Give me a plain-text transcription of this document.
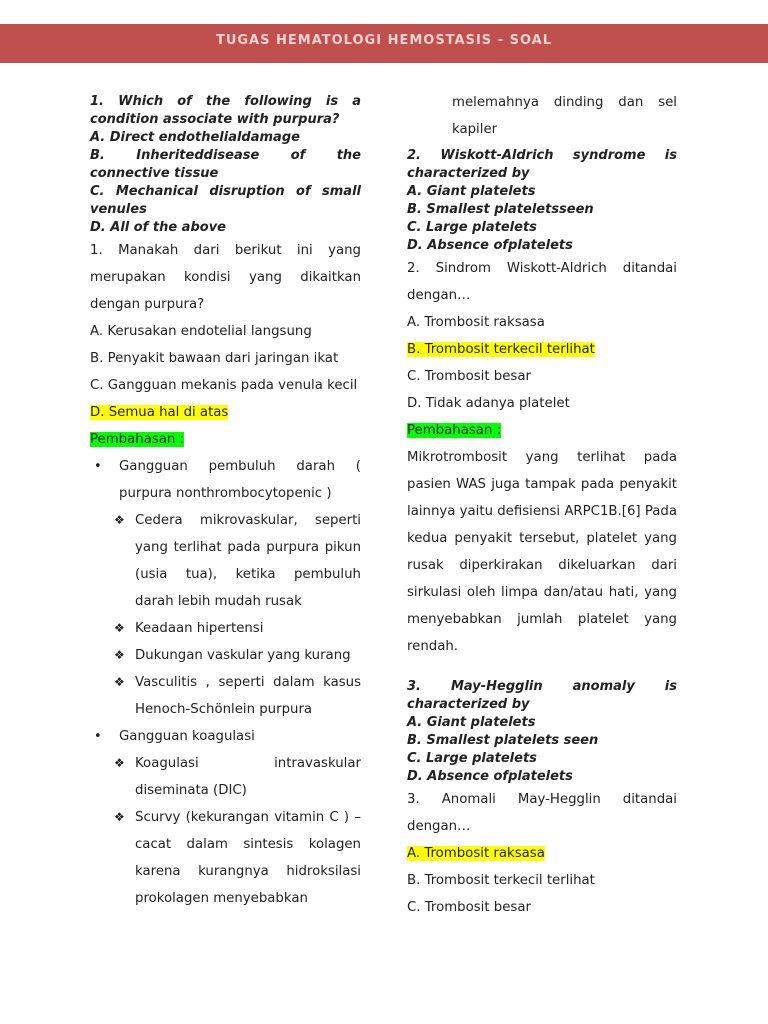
TUGAS HEMATOLOGI HEMOSTASIS - SOAL
1. Which of the following is a condition associate with purpura?
A. Direct endothelialdamage
B. Inheriteddisease of the connective tissue
C. Mechanical disruption of small venules
D. All of the above
1. Manakah dari berikut ini yang merupakan kondisi yang dikaitkan dengan purpura?
A. Kerusakan endotelial langsung
B. Penyakit bawaan dari jaringan ikat
C. Gangguan mekanis pada venula kecil
D. Semua hal di atas
Pembahasan :
• Gangguan pembuluh darah ( purpura nonthrombocytopenic )
❖ Cedera mikrovaskular, seperti yang terlihat pada purpura pikun (usia tua), ketika pembuluh darah lebih mudah rusak
❖ Keadaan hipertensi
❖ Dukungan vaskular yang kurang
❖ Vasculitis , seperti dalam kasus Henoch-Schönlein purpura
• Gangguan koagulasi
❖ Koagulasi intravaskular diseminata (DIC)
❖ Scurvy (kekurangan vitamin C ) – cacat dalam sintesis kolagen karena kurangnya hidroksilasi prokolagen menyebabkan
melemahnya dinding dan sel kapiler
2. Wiskott-Aldrich syndrome is characterized by
A. Giant platelets
B. Smallest plateletsseen
C. Large platelets
D. Absence ofplatelets
2. Sindrom Wiskott-Aldrich ditandai dengan…
A. Trombosit raksasa
B. Trombosit terkecil terlihat
C. Trombosit besar
D. Tidak adanya platelet
Pembahasan :
Mikrotrombosit yang terlihat pada pasien WAS juga tampak pada penyakit lainnya yaitu defisiensi ARPC1B.[6] Pada kedua penyakit tersebut, platelet yang rusak diperkirakan dikeluarkan dari sirkulasi oleh limpa dan/atau hati, yang menyebabkan jumlah platelet yang rendah.
3. May-Hegglin anomaly is characterized by
A. Giant platelets
B. Smallest platelets seen
C. Large platelets
D. Absence ofplatelets
3. Anomali May-Hegglin ditandai dengan…
A. Trombosit raksasa
B. Trombosit terkecil terlihat
C. Trombosit besar
